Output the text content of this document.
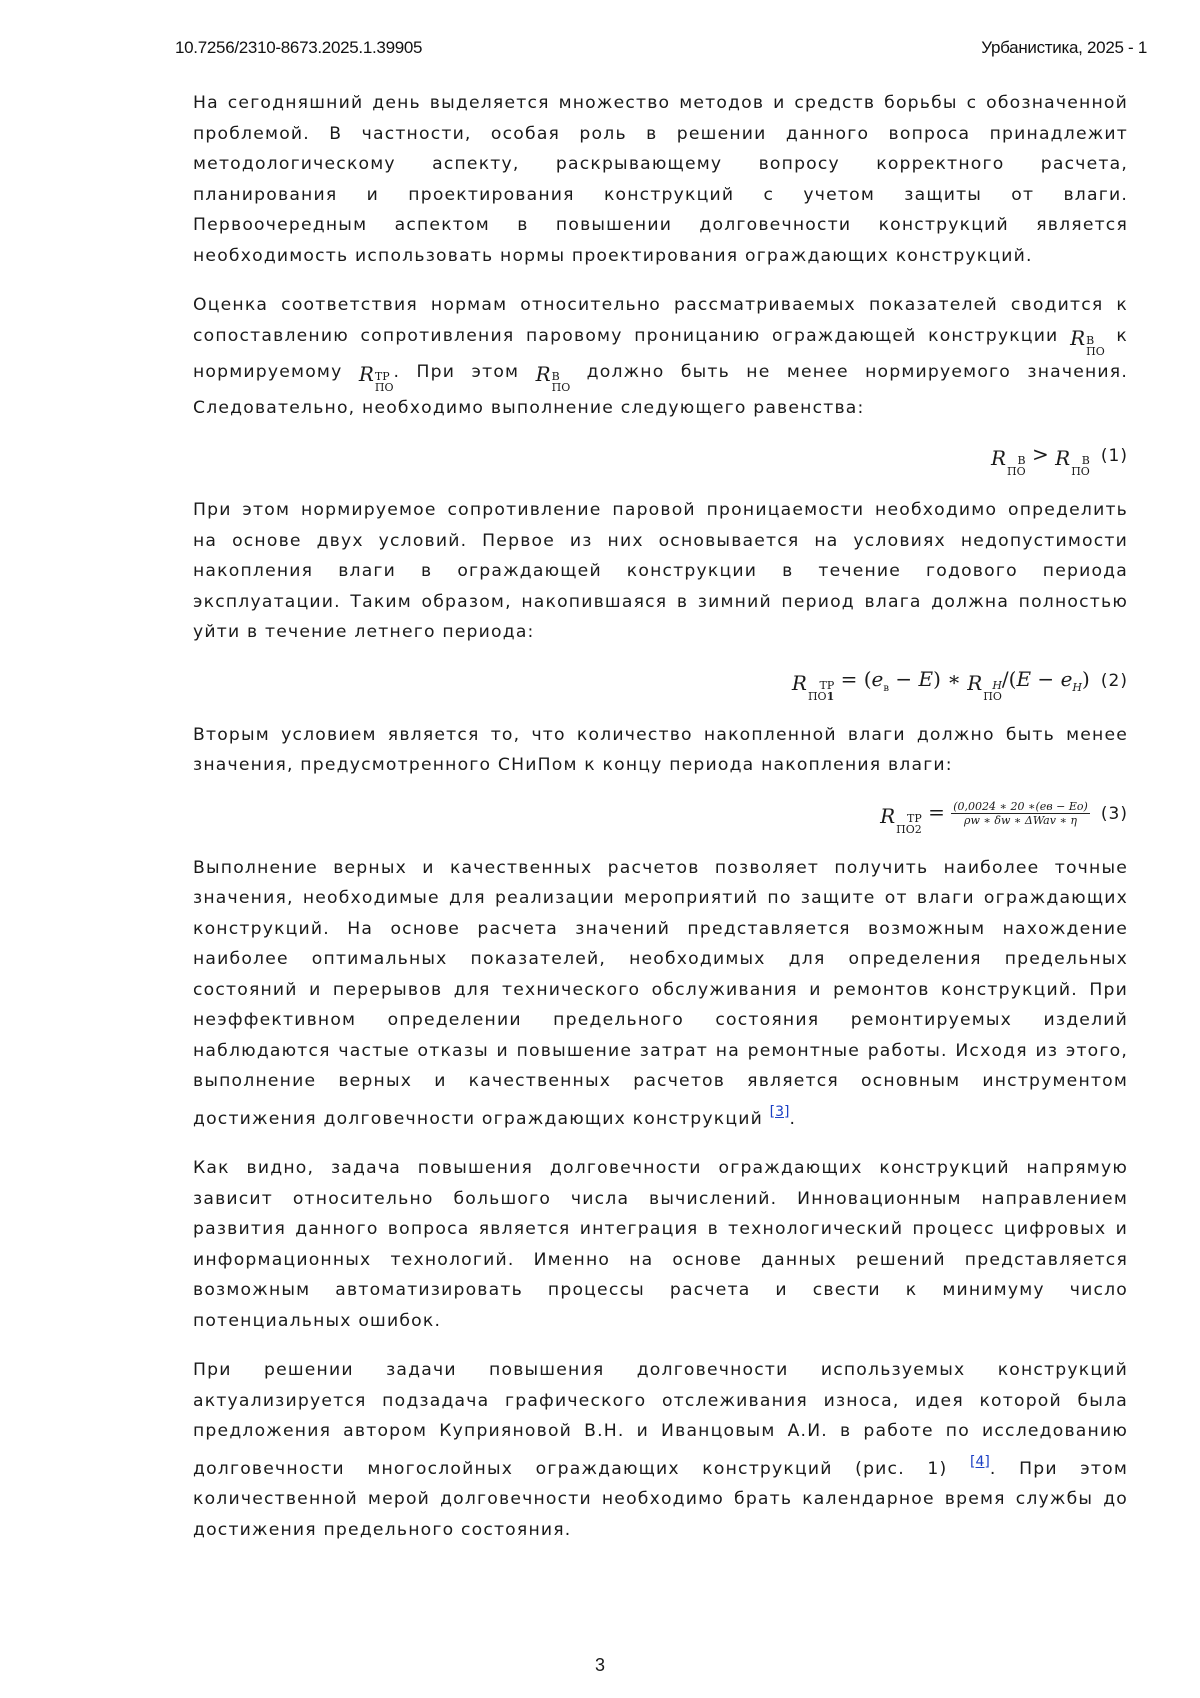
10.7256/2310-8673.2025.1.39905	Урбанистика, 2025 - 1

На сегодняшний день выделяется множество методов и средств борьбы с обозначенной проблемой. В частности, особая роль в решении данного вопроса принадлежит методологическому аспекту, раскрывающему вопросу корректного расчета, планирования и проектирования конструкций с учетом защиты от влаги. Первоочередным аспектом в повышении долговечности конструкций является необходимость использовать нормы проектирования ограждающих конструкций.

Оценка соответствия нормам относительно рассматриваемых показателей сводится к сопоставлению сопротивления паровому проницанию ограждающей конструкции R В
ПО
к нормируемому R ТР
ПО
. При этом R В
ПО
должно быть не менее нормируемого значения. Следовательно, необходимо выполнение следующего равенства:

R	В
ПО
> R	В
ПО
(1)

При этом нормируемое сопротивление паровой проницаемости необходимо определить на основе двух условий. Первое из них основывается на условиях недопустимости накопления влаги в ограждающей конструкции в течение годового периода эксплуатации. Таким образом, накопившаяся в зимний период влага должна полностью уйти в течение летнего периода:

R	ТР
ПО1
= (eв − E) ∗ R Н
ПО
/(E − eН) (2)

Вторым условием является то, что количество накопленной влаги должно быть менее значения, предусмотренного СНиПом к концу периода накопления влаги:

R	ТР
ПО2
= (0,0024 ∗ 20 ∗(eв − Eo)
ρw ∗ δw ∗ ΔWav ∗ η (3)

Выполнение верных и качественных расчетов позволяет получить наиболее точные значения, необходимые для реализации мероприятий по защите от влаги ограждающих конструкций. На основе расчета значений представляется возможным нахождение наиболее оптимальных показателей, необходимых для определения предельных состояний и перерывов для технического обслуживания и ремонтов конструкций. При неэффективном определении предельного состояния ремонтируемых изделий наблюдаются частые отказы и повышение затрат на ремонтные работы. Исходя из этого, выполнение верных и качественных расчетов является основным инструментом достижения долговечности ограждающих конструкций [3].

Как видно, задача повышения долговечности ограждающих конструкций напрямую зависит относительно большого числа вычислений. Инновационным направлением развития данного вопроса является интеграция в технологический процесс цифровых и информационных технологий. Именно на основе данных решений представляется возможным автоматизировать процессы расчета и свести к минимуму число потенциальных ошибок.

При решении задачи повышения долговечности используемых конструкций актуализируется подзадача графического отслеживания износа, идея которой была предложения автором Куприяновой В.Н. и Иванцовым А.И. в работе по исследованию долговечности многослойных ограждающих конструкций (рис. 1) [4]. При этом количественной мерой долговечности необходимо брать календарное время службы до достижения предельного состояния.

3
